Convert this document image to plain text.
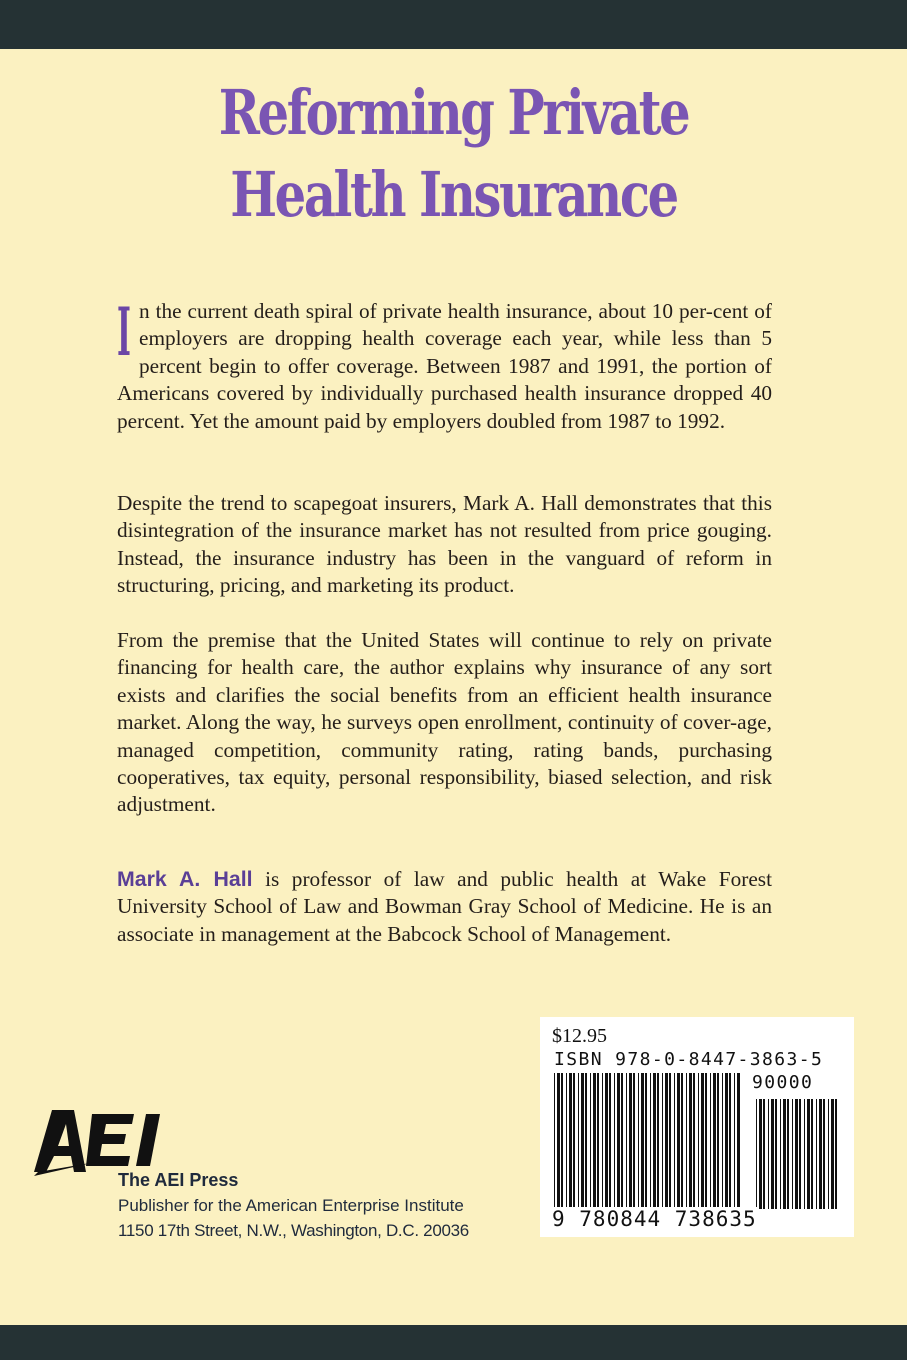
Reforming Private
Health Insurance
In the current death spiral of private health insurance, about 10 per-cent of employers are dropping health coverage each year, while less than 5 percent begin to offer coverage. Between 1987 and 1991, the portion of Americans covered by individually purchased health insurance dropped 40 percent. Yet the amount paid by employers doubled from 1987 to 1992.
Despite the trend to scapegoat insurers, Mark A. Hall demonstrates that this disintegration of the insurance market has not resulted from price gouging. Instead, the insurance industry has been in the vanguard of reform in structuring, pricing, and marketing its product.
From the premise that the United States will continue to rely on private financing for health care, the author explains why insurance of any sort exists and clarifies the social benefits from an efficient health insurance market. Along the way, he surveys open enrollment, continuity of cover-age, managed competition, community rating, rating bands, purchasing cooperatives, tax equity, personal responsibility, biased selection, and risk adjustment.
Mark A. Hall is professor of law and public health at Wake Forest University School of Law and Bowman Gray School of Medicine. He is an associate in management at the Babcock School of Management.
The AEI Press
Publisher for the American Enterprise Institute
1150 17th Street, N.W., Washington, D.C. 20036
$12.95
ISBN 978-0-8447-3863-5
90000
9 780844 738635
